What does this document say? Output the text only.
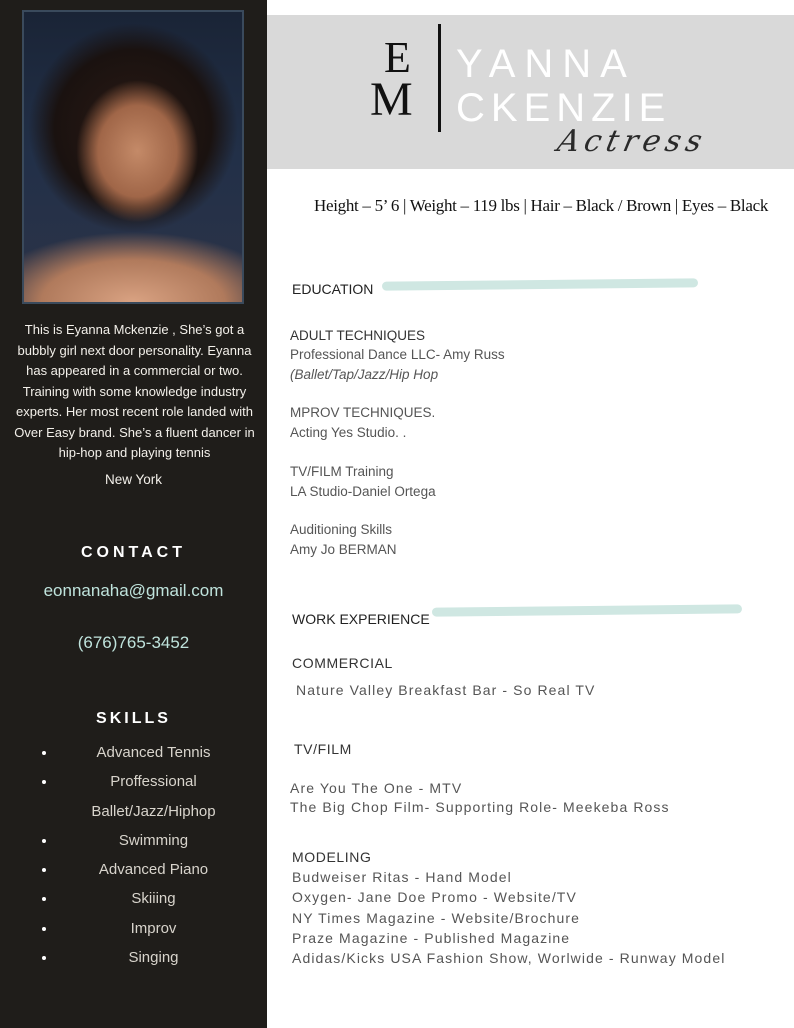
This is Eyanna Mckenzie , She’s got a bubbly girl next door personality. Eyanna has appeared in a commercial or two. Training with some knowledge industry experts. Her most recent role landed with Over Easy brand. She’s a fluent dancer in hip-hop and playing tennis
New York
CONTACT
eonnanaha@gmail.com
(676)765-3452
SKILLS
Advanced Tennis
Proffessional
Ballet/Jazz/Hiphop
Swimming
Advanced Piano
Skiiing
Improv
Singing
E
M
YANNA
CKENZIE
Actress
Height – 5’ 6 | Weight – 119 lbs | Hair – Black / Brown | Eyes – Black
EDUCATION
ADULT TECHNIQUES
Professional Dance LLC- Amy Russ
(Ballet/Tap/Jazz/Hip Hop
MPROV TECHNIQUES.
Acting Yes Studio. .
TV/FILM Training
LA Studio-Daniel Ortega
Auditioning Skills
Amy Jo BERMAN
WORK EXPERIENCE
COMMERCIAL
Nature Valley Breakfast Bar - So Real TV
TV/FILM
Are You The One - MTV
The Big Chop Film- Supporting Role- Meekeba Ross
MODELING
Budweiser Ritas - Hand Model
Oxygen- Jane Doe Promo - Website/TV
NY Times Magazine - Website/Brochure
Praze Magazine - Published Magazine
Adidas/Kicks USA Fashion Show, Worlwide - Runway Model
